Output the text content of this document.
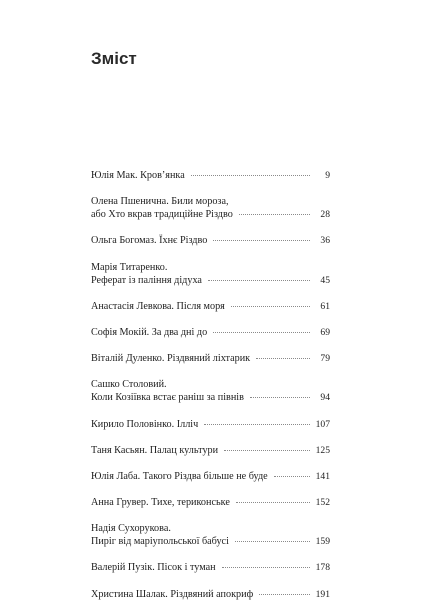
Зміст
Юлія Мак. Кров’янка	9
Олена Пшенична. Били мороза,
або Хто вкрав традиційне Різдво	28
Ольга Богомаз. Їхнє Різдво	36
Марія Титаренко.
Реферат із паління дідуха	45
Анастасія Левкова. Після моря	61
Софія Мокій. За два дні до	69
Віталій Дуленко. Різдвяний ліхтарик	79
Сашко Столовий.
Коли Козіївка встає раніш за півнів	94
Кирило Половінко. Ілліч	107
Таня Касьян. Палац культури	125
Юлія Лаба. Такого Різдва більше не буде	141
Анна Грувер. Тихе, териконське	152
Надія Сухорукова.
Пиріг від маріупольської бабусі	159
Валерій Пузік. Пісок і туман	178
Христина Шалак. Різдвяний апокриф	191
